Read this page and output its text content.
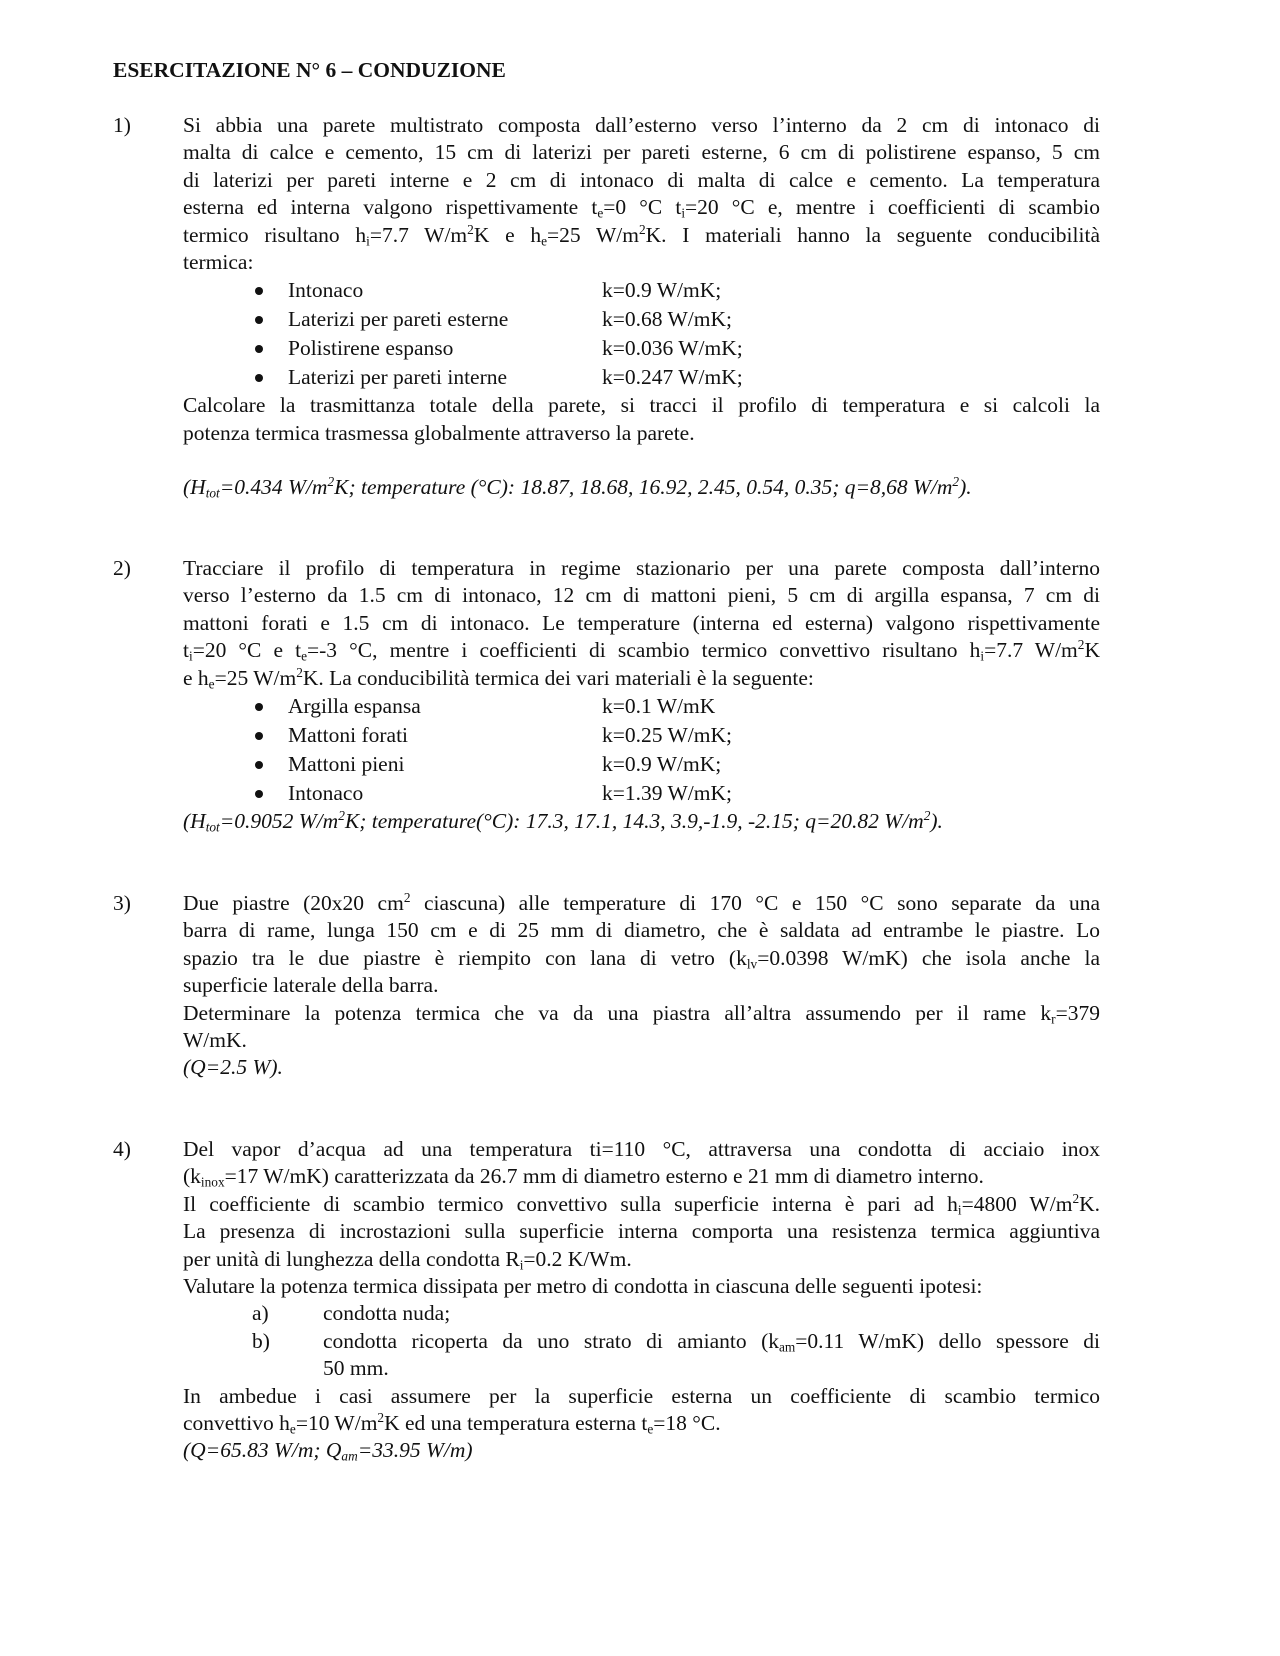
ESERCITAZIONE N° 6 – CONDUZIONE
1) Si abbia una parete multistrato composta dall’esterno verso l’interno da 2 cm di intonaco di
malta di calce e cemento, 15 cm di laterizi per pareti esterne, 6 cm di polistirene espanso, 5 cm
di laterizi per pareti interne e 2 cm di intonaco di malta di calce e cemento. La temperatura
esterna ed interna valgono rispettivamente $t_e=0$ °C $t_i=20$ °C e, mentre i coefficienti di scambio
termico risultano $h_i=7.7$ $W/m^2K$ e $h_e=25$ $W/m^2K$. I materiali hanno la seguente conducibilità
termica:
Intonaco	k=0.9 W/mK;
Laterizi per pareti esterne	k=0.68 W/mK;
Polistirene espanso	k=0.036 W/mK;
Laterizi per pareti interne	k=0.247 W/mK;
Calcolare la trasmittanza totale della parete, si tracci il profilo di temperatura e si calcoli la
potenza termica trasmessa globalmente attraverso la parete.
($H_{tot}=0.434$ $W/m^2K$; temperature (°C): 18.87, 18.68, 16.92, 2.45, 0.54, 0.35; q=8,68 $W/m^2$).
2) Tracciare il profilo di temperatura in regime stazionario per una parete composta dall’interno
verso l’esterno da 1.5 cm di intonaco, 12 cm di mattoni pieni, 5 cm di argilla espansa, 7 cm di
mattoni forati e 1.5 cm di intonaco. Le temperature (interna ed esterna) valgono rispettivamente
$t_i=20$ °C e $t_e=-3$ °C, mentre i coefficienti di scambio termico convettivo risultano $h_i=7.7$ $W/m^2K$
e $h_e=25$ $W/m^2K$. La conducibilità termica dei vari materiali è la seguente:
Argilla espansa	k=0.1 W/mK
Mattoni forati	k=0.25 W/mK;
Mattoni pieni	k=0.9 W/mK;
Intonaco	k=1.39 W/mK;
($H_{tot}=0.9052$ $W/m^2K$; temperature(°C): 17.3, 17.1, 14.3, 3.9,-1.9, -2.15; q=20.82 $W/m^2$).
3) Due piastre (20x20 $cm^2$ ciascuna) alle temperature di 170 °C e 150 °C sono separate da una
barra di rame, lunga 150 cm e di 25 mm di diametro, che è saldata ad entrambe le piastre. Lo
spazio tra le due piastre è riempito con lana di vetro ($k_{lv}=0.0398$ W/mK) che isola anche la
superficie laterale della barra.
Determinare la potenza termica che va da una piastra all’altra assumendo per il rame $k_r=379$
W/mK.
(Q=2.5 W).
4) Del vapor d’acqua ad una temperatura ti=110 °C, attraversa una condotta di acciaio inox
($k_{inox}=17$ W/mK) caratterizzata da 26.7 mm di diametro esterno e 21 mm di diametro interno.
Il coefficiente di scambio termico convettivo sulla superficie interna è pari ad $h_i=4800$ $W/m^2K$.
La presenza di incrostazioni sulla superficie interna comporta una resistenza termica aggiuntiva
per unità di lunghezza della condotta $R_i=0.2$ K/Wm.
Valutare la potenza termica dissipata per metro di condotta in ciascuna delle seguenti ipotesi:
a)	condotta nuda;
b) condotta ricoperta da uno strato di amianto ($k_{am}=0.11$ W/mK) dello spessore di
50 mm.
In ambedue i casi assumere per la superficie esterna un coefficiente di scambio termico
convettivo $h_e=10$ $W/m^2K$ ed una temperatura esterna $t_e=18$ °C.
(Q=65.83 W/m; $Q_{am}=33.95$ W/m)
